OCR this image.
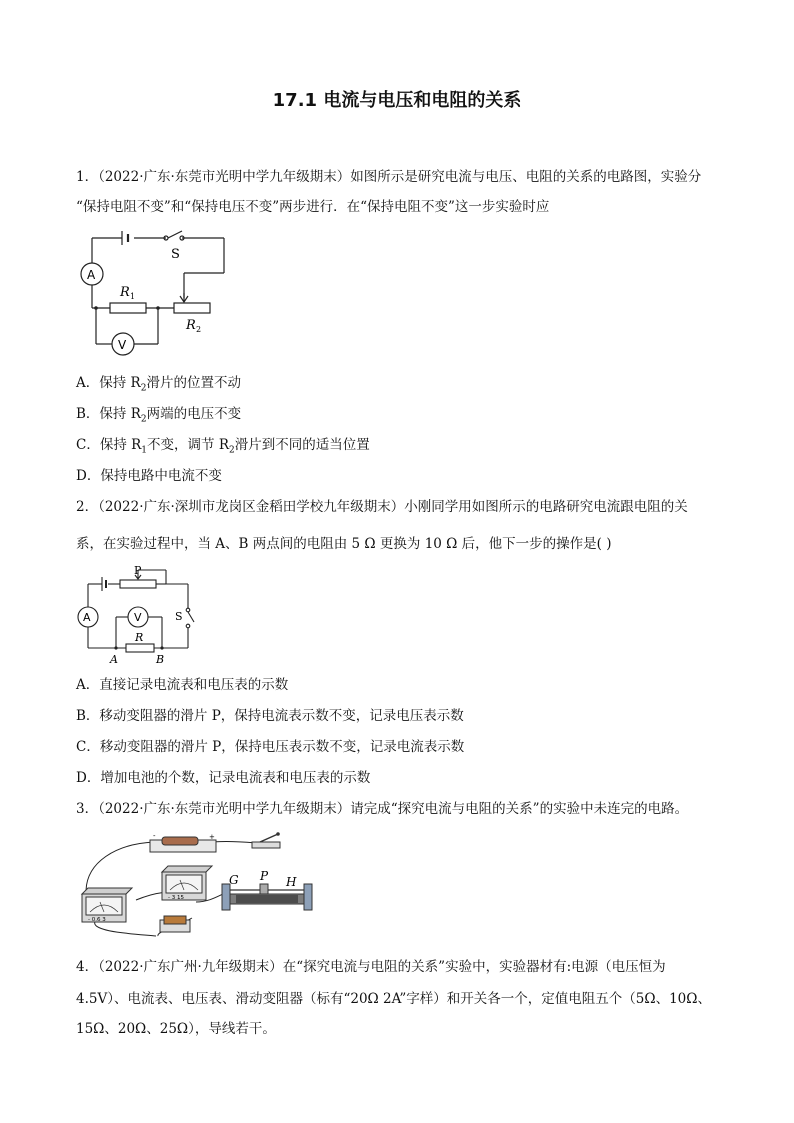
17.1 电流与电压和电阻的关系
1．（2022·广东·东莞市光明中学九年级期末）如图所示是研究电流与电压、电阻的关系的电路图，实验分
“保持电阻不变”和“保持电压不变”两步进行．在“保持电阻不变”这一步实验时应
A
V
S
R 1
R 2
A．保持 $R_2$滑片的位置不动
B．保持 $R_2$两端的电压不变
C．保持 $R_1$不变，调节 $R_2$滑片到不同的适当位置
D．保持电路中电流不变
2．（2022·广东·深圳市龙岗区金稻田学校九年级期末）小刚同学用如图所示的电路研究电流跟电阻的关
系，在实验过程中，当 A、B 两点间的电阻由 5 Ω 更换为 10 Ω 后，他下一步的操作是( )
P
A	V	S
R
A	B
A．直接记录电流表和电压表的示数
B．移动变阻器的滑片 P，保持电流表示数不变，记录电压表示数
C．移动变阻器的滑片 P，保持电压表示数不变，记录电流表示数
D．增加电池的个数，记录电流表和电压表的示数
3．（2022·广东·东莞市光明中学九年级期末）请完成“探究电流与电阻的关系”的实验中未连完的电路。
-	+
- 0.6 3
- 3 15
G P H
4．（2022·广东广州·九年级期末）在“探究电流与电阻的关系”实验中，实验器材有:电源（电压恒为
4.5V）、电流表、电压表、滑动变阻器（标有“20Ω 2A”字样）和开关各一个，定值电阻五个（5Ω、10Ω、
15Ω、20Ω、25Ω），导线若干。
